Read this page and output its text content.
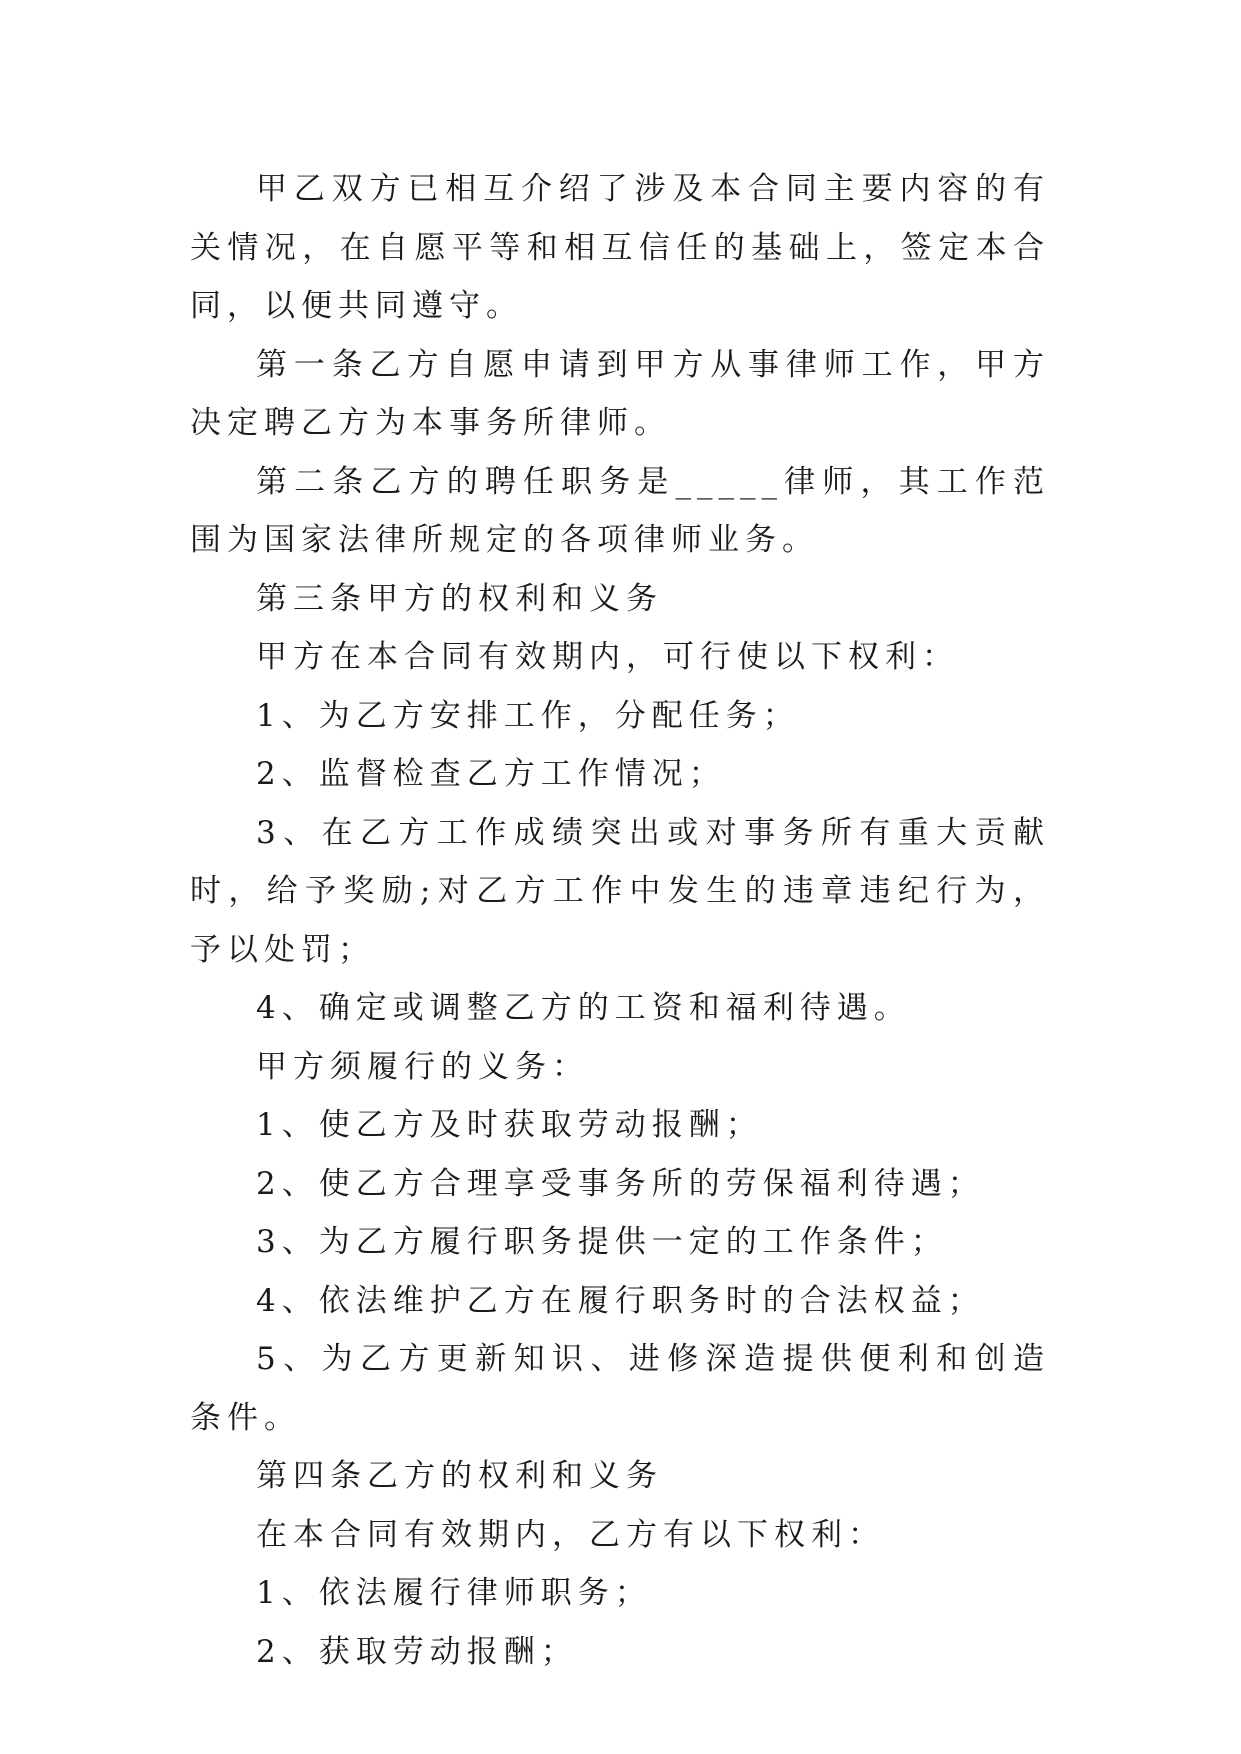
甲乙双方已相互介绍了涉及本合同主要内容的有关情况，在自愿平等和相互信任的基础上，签定本合同，以便共同遵守。

第一条乙方自愿申请到甲方从事律师工作，甲方决定聘乙方为本事务所律师。

第二条乙方的聘任职务是_____律师，其工作范围为国家法律所规定的各项律师业务。

第三条甲方的权利和义务

甲方在本合同有效期内，可行使以下权利：

1、为乙方安排工作，分配任务；

2、监督检查乙方工作情况；

3、在乙方工作成绩突出或对事务所有重大贡献时，给予奖励;对乙方工作中发生的违章违纪行为，予以处罚；

4、确定或调整乙方的工资和福利待遇。

甲方须履行的义务：

1、使乙方及时获取劳动报酬；

2、使乙方合理享受事务所的劳保福利待遇；

3、为乙方履行职务提供一定的工作条件；

4、依法维护乙方在履行职务时的合法权益；

5、为乙方更新知识、进修深造提供便利和创造条件。

第四条乙方的权利和义务

在本合同有效期内，乙方有以下权利：

1、依法履行律师职务；

2、获取劳动报酬；
